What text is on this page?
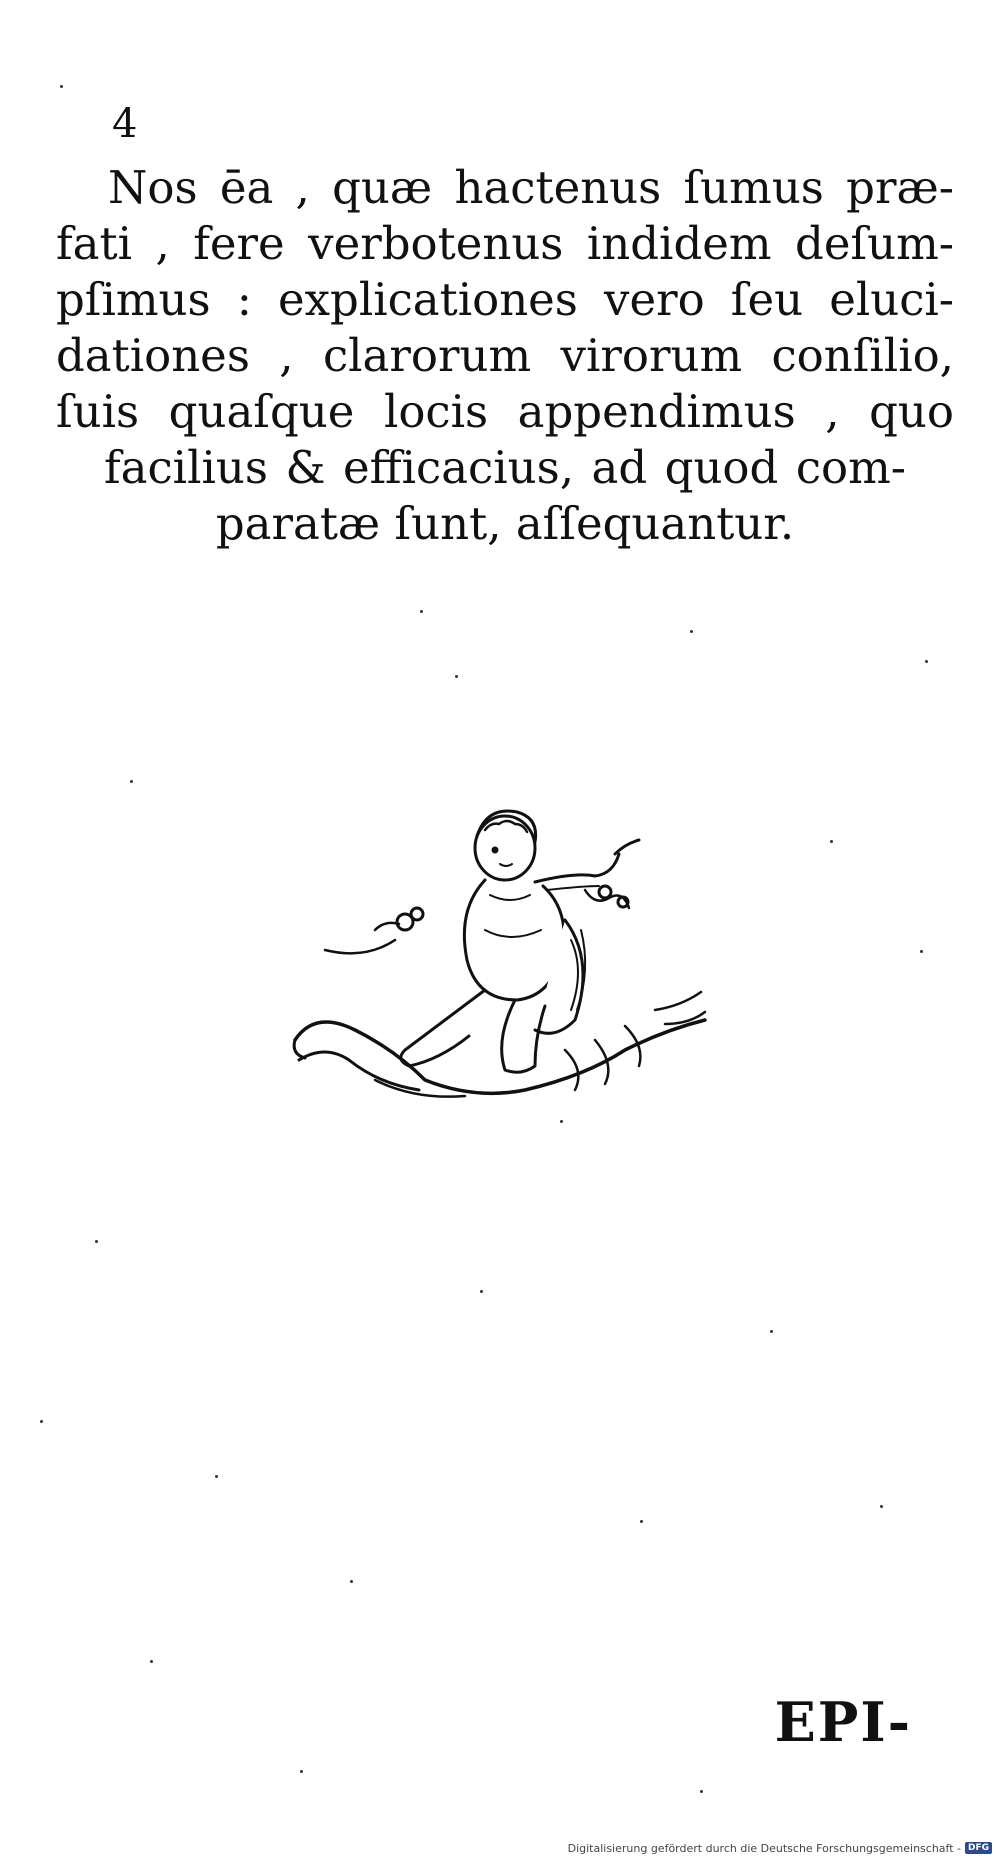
4
Nos ēa , quæ hactenus ſumus præ-
fati , fere verbotenus indidem deſum-
pſimus : explicationes vero ſeu eluci-
dationes , clarorum virorum conſilio,
ſuis quaſque locis appendimus , quo
facilius & efficacius, ad quod com-
paratæ ſunt, aſſequantur.
EPI-
Digitalisierung gefördert durch die Deutsche Forschungsgemeinschaft - DFG
